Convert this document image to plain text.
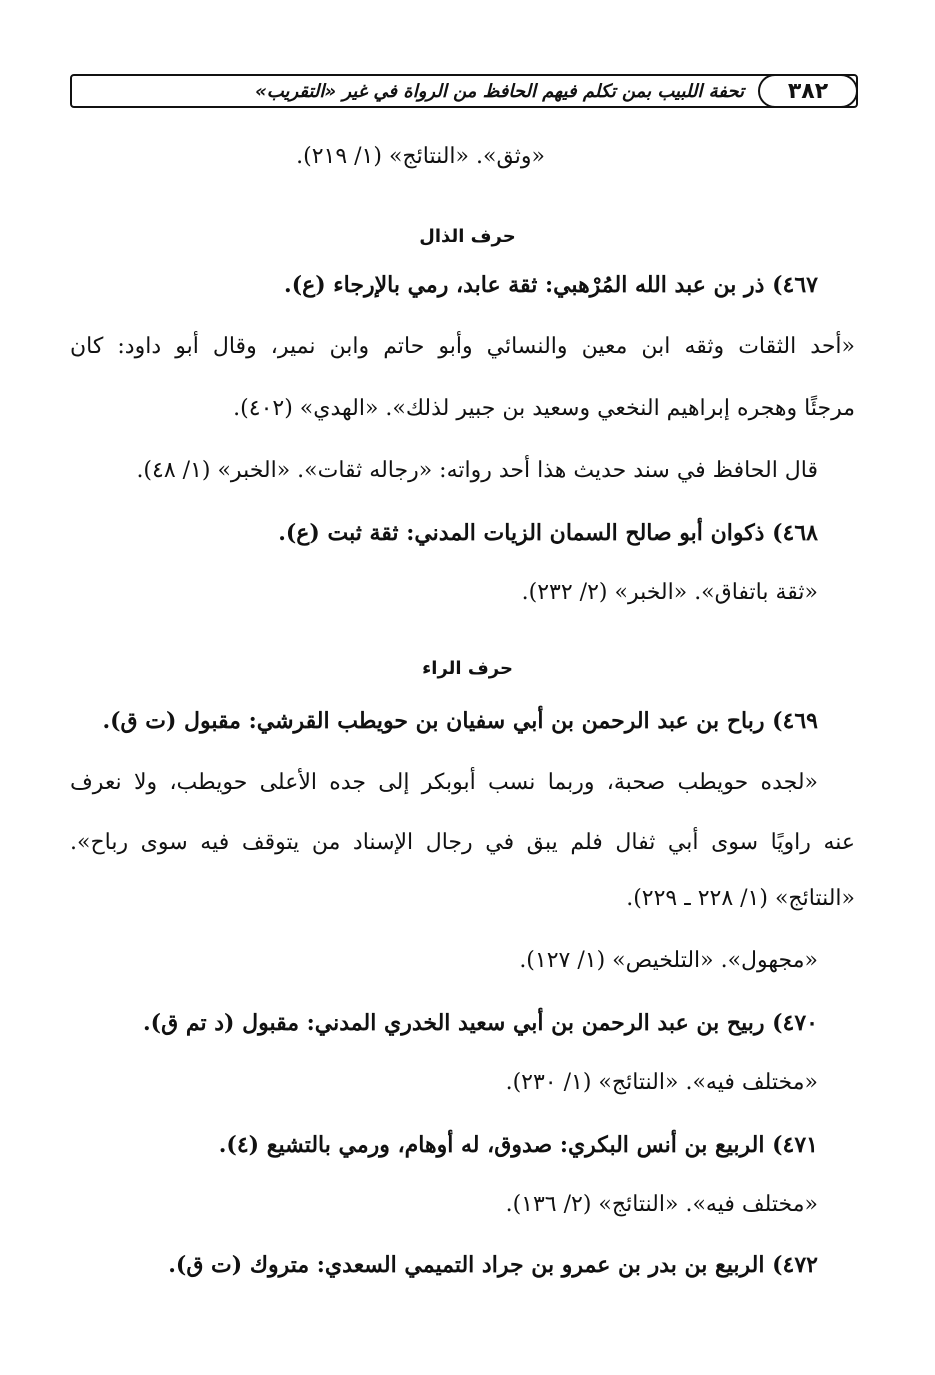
٣٨٢
تحفة اللبيب بمن تكلم فيهم الحافظ من الرواة في غير «التقريب»
«وثق». «النتائج» (١/ ٢١٩).
حرف الذال
٤٦٧) ذر بن عبد الله المُرْهبي: ثقة عابد، رمي بالإرجاء (ع).
«أحد الثقات وثقه ابن معين والنسائي وأبو حاتم وابن نمير، وقال أبو داود: كان
مرجئًا وهجره إبراهيم النخعي وسعيد بن جبير لذلك». «الهدي» (٤٠٢).
قال الحافظ في سند حديث هذا أحد رواته: «رجاله ثقات». «الخبر» (١/ ٤٨).
٤٦٨) ذكوان أبو صالح السمان الزيات المدني: ثقة ثبت (ع).
«ثقة باتفاق». «الخبر» (٢/ ٢٣٢).
حرف الراء
٤٦٩) رباح بن عبد الرحمن بن أبي سفيان بن حويطب القرشي: مقبول (ت ق).
«لجده حويطب صحبة، وربما نسب أبوبكر إلى جده الأعلى حويطب، ولا نعرف
عنه راويًا سوى أبي ثفال فلم يبق في رجال الإسناد من يتوقف فيه سوى رباح».
«النتائج» (١/ ٢٢٨ ـ ٢٢٩).
«مجهول». «التلخيص» (١/ ١٢٧).
٤٧٠) ربيح بن عبد الرحمن بن أبي سعيد الخدري المدني: مقبول (د تم ق).
«مختلف فيه». «النتائج» (١/ ٢٣٠).
٤٧١) الربيع بن أنس البكري: صدوق، له أوهام، ورمي بالتشيع (٤).
«مختلف فيه». «النتائج» (٢/ ١٣٦).
٤٧٢) الربيع بن بدر بن عمرو بن جراد التميمي السعدي: متروك (ت ق).
